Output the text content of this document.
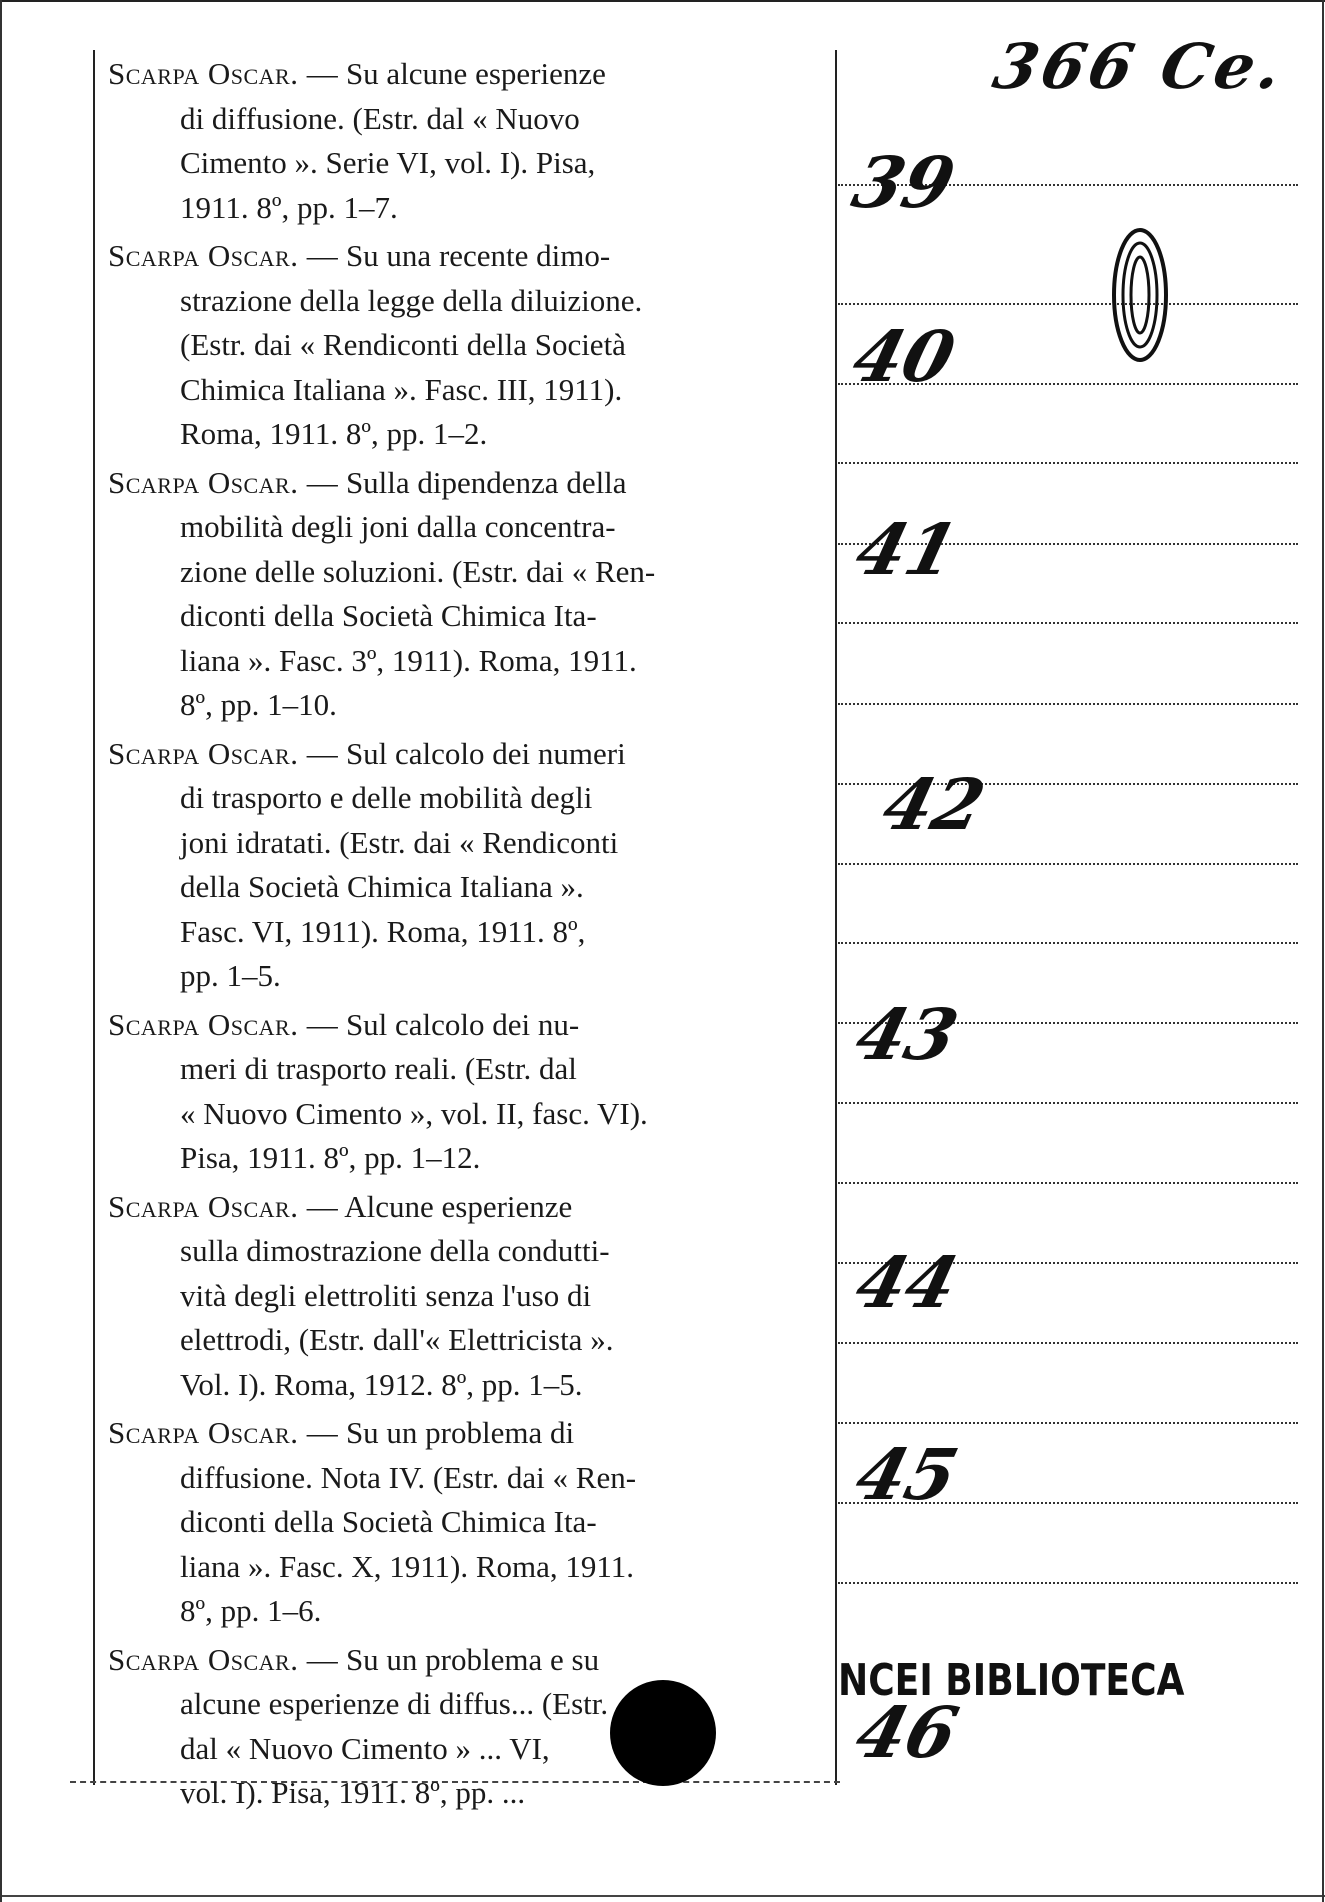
366 Ce.
Scarpa Oscar. — Su alcune esperienze
di diffusione. (Estr. dal « Nuovo
Cimento ». Serie VI, vol. I). Pisa,
1911. 8º, pp. 1–7.
Scarpa Oscar. — Su una recente dimo-
strazione della legge della diluizione.
(Estr. dai « Rendiconti della Società
Chimica Italiana ». Fasc. III, 1911).
Roma, 1911. 8º, pp. 1–2.
Scarpa Oscar. — Sulla dipendenza della
mobilità degli joni dalla concentra-
zione delle soluzioni. (Estr. dai « Ren-
diconti della Società Chimica Ita-
liana ». Fasc. 3º, 1911). Roma, 1911.
8º, pp. 1–10.
Scarpa Oscar. — Sul calcolo dei numeri
di trasporto e delle mobilità degli
joni idratati. (Estr. dai « Rendiconti
della Società Chimica Italiana ».
Fasc. VI, 1911). Roma, 1911. 8º,
pp. 1–5.
Scarpa Oscar. — Sul calcolo dei nu-
meri di trasporto reali. (Estr. dal
« Nuovo Cimento », vol. II, fasc. VI).
Pisa, 1911. 8º, pp. 1–12.
Scarpa Oscar. — Alcune esperienze
sulla dimostrazione della condutti-
vità degli elettroliti senza l'uso di
elettrodi, (Estr. dall'« Elettricista ».
Vol. I). Roma, 1912. 8º, pp. 1–5.
Scarpa Oscar. — Su un problema di
diffusione. Nota IV. (Estr. dai « Ren-
diconti della Società Chimica Ita-
liana ». Fasc. X, 1911). Roma, 1911.
8º, pp. 1–6.
Scarpa Oscar. — Su un problema e su
alcune esperienze di diffus... (Estr.
dal « Nuovo Cimento » ... VI,
vol. I). Pisa, 1911. 8º, pp. ...
39
40
41
42
43
44
45
46
NCEI BIBLIOTECA
